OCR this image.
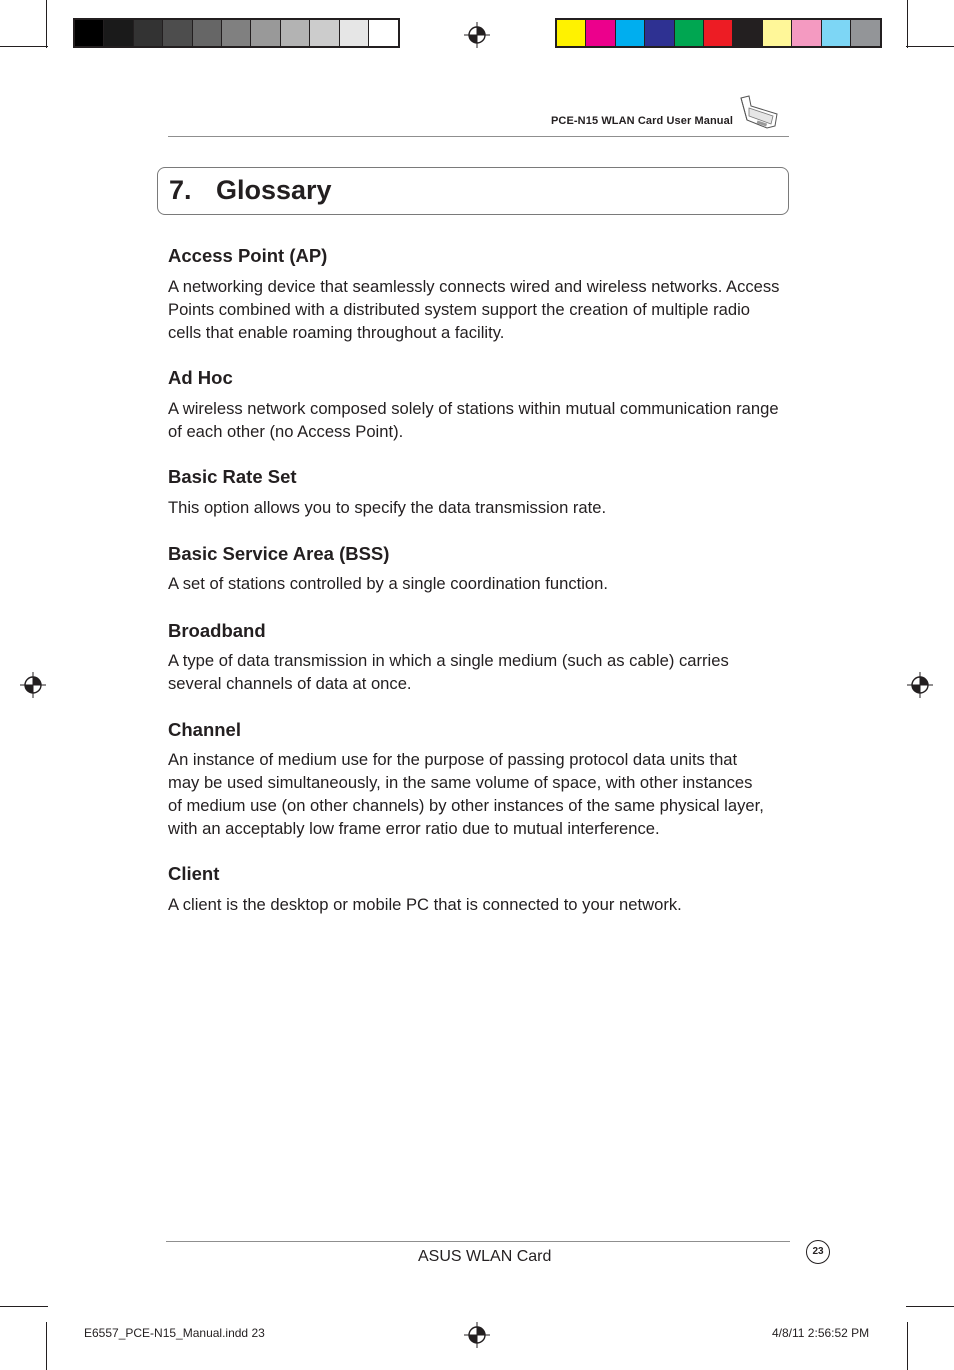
PCE-N15 WLAN Card User Manual
7. Glossary
Access Point (AP)
A networking device that seamlessly connects wired and wireless networks. Access
Points combined with a distributed system support the creation of multiple radio
cells that enable roaming throughout a facility.
Ad Hoc
A wireless network composed solely of stations within mutual communication range
of each other (no Access Point).
Basic Rate Set
This option allows you to specify the data transmission rate.
Basic Service Area (BSS)
A set of stations controlled by a single coordination function.
Broadband
A type of data transmission in which a single medium (such as cable) carries
several channels of data at once.
Channel
An instance of medium use for the purpose of passing protocol data units that
may be used simultaneously, in the same volume of space, with other instances
of medium use (on other channels) by other instances of the same physical layer,
with an acceptably low frame error ratio due to mutual interference.
Client
A client is the desktop or mobile PC that is connected to your network.
ASUS WLAN Card	23
E6557_PCE-N15_Manual.indd 23	4/8/11 2:56:52 PM
